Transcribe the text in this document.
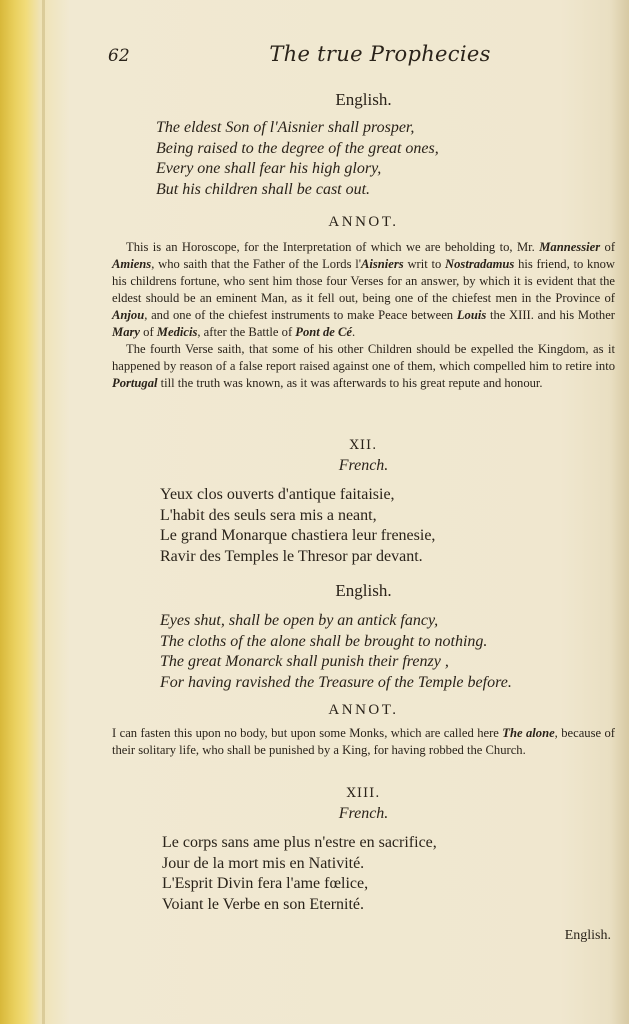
62	The true Prophecies

English.

The eldest Son of l'Aisnier shall prosper,
Being raised to the degree of the great ones,
Every one shall fear his high glory,
But his children shall be cast out.

ANNOT.

This is an Horoscope, for the Interpretation of which we are beholding to, Mr. Mannessier of Amiens, who saith that the Father of the Lords l'Aisniers writ to Nostradamus his friend, to know his childrens fortune, who sent him those four Verses for an answer, by which it is evident that the eldest should be an eminent Man, as it fell out, being one of the chiefest men in the Province of Anjou, and one of the chiefest instruments to make Peace between Louis the XIII. and his Mother Mary of Medicis, after the Battle of Pont de Cé.

The fourth Verse saith, that some of his other Children should be expelled the Kingdom, as it happened by reason of a false report raised against one of them, which compelled him to retire into Portugal till the truth was known, as it was afterwards to his great repute and honour.

XII.

French.

Yeux clos ouverts d'antique faitaisie,
L'habit des seuls sera mis a neant,
Le grand Monarque chastiera leur frenesie,
Ravir des Temples le Thresor par devant.

English.

Eyes shut, shall be open by an antick fancy,
The cloths of the alone shall be brought to nothing.
The great Monarck shall punish their frenzy ,
For having ravished the Treasure of the Temple before.

ANNOT.

I can fasten this upon no body, but upon some Monks, which are called here The alone, because of their solitary life, who shall be punished by a King, for having robbed the Church.

XIII.

French.

Le corps sans ame plus n'estre en sacrifice,
Jour de la mort mis en Nativité.
L'Esprit Divin fera l'ame fœlice,
Voiant le Verbe en son Eternité.
English.
